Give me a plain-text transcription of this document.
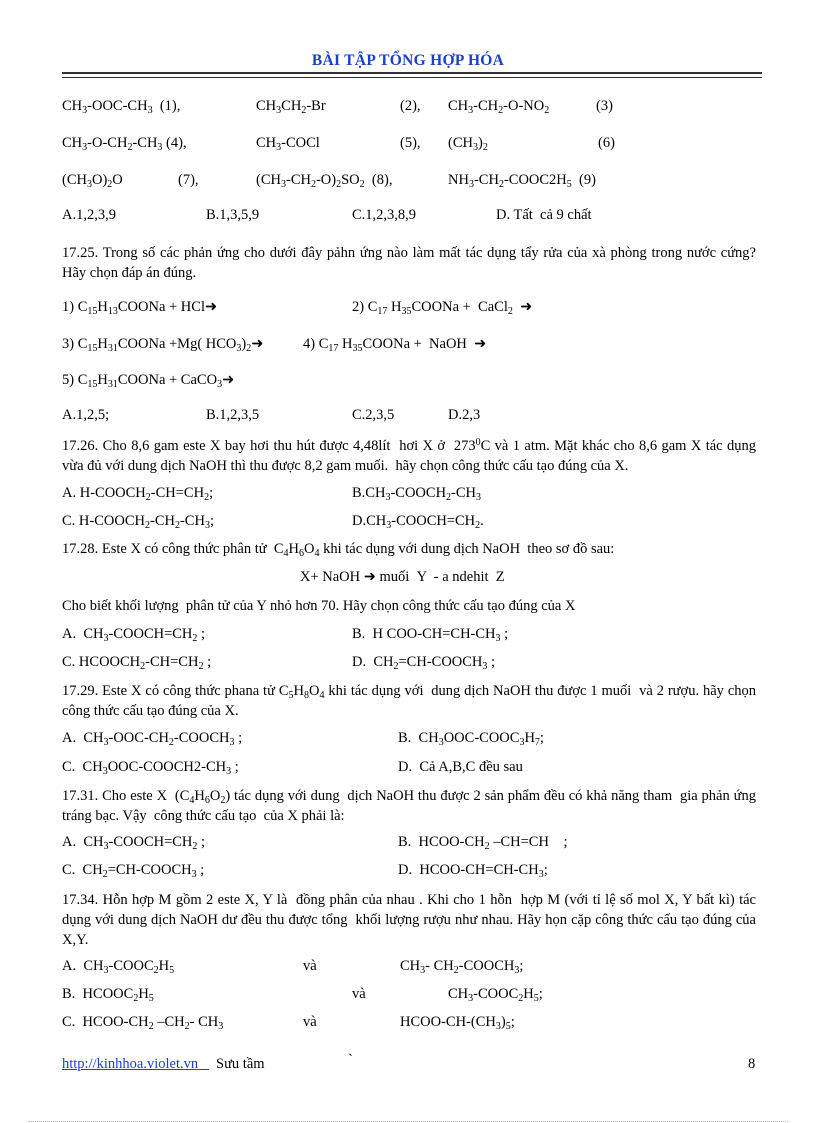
BÀI TẬP TỔNG HỢP HÓA
$CH_3-OOC-CH_3$  (1),	$CH_3CH_2-Br$	(2), $CH_3-CH_2-O-NO_2$	(3)
$CH_3-O-CH_2-CH_3$ (4),	$CH_3$-COCl	(5), $(CH_3)_2$	(6)
$(CH_3O)_2O$	(7),	$(CH_3-CH_2-O)_2SO_2$  (8),	$NH_3-CH_2-COOC2H_5$  (9)
A.1,2,3,9	B.1,3,5,9	C.1,2,3,8,9	D. Tất  cả 9 chất
17.25. Trong số các phản ứng cho dưới đây pảhn ứng nào làm mất tác dụng tẩy rửa của xà phòng trong nước cứng? Hãy chọn đáp án đúng.
1) $C_{15}H_{13}COONa$ + HCl➜	2) $C_{17}$ $H_{35}COONa$ +  CaCl$_2$  ➜
3) $C_{15}H_{31}COONa +Mg$( $HCO_3)_2➜$	4) $C_{17}$ $H_{35}COONa$ +  NaOH  ➜
5) $C_{15}H_{31}COONa$ + CaCO$_3$➜
A.1,2,5;	B.1,2,3,5	C.2,3,5	D.2,3
17.26. Cho 8,6 gam este X bay hơi thu hút được 4,48lít  hơi X ở  $273^0C$ và 1 atm. Mặt khác cho 8,6 gam X tác dụng vừa đủ với dung dịch NaOH thì thu được 8,2 gam muối.  hãy chọn công thức cấu tạo đúng của X.
A. $H-COOCH_2-CH=CH_2$;	$B.CH_3-COOCH_2-CH_3$
C. $H-COOCH_2-CH_2-CH_3$;	$D.CH_3-COOCH=CH_2$.
17.28. Este X có công thức phân tử  $C_4H_6O_4$ khi tác dụng với dung dịch NaOH  theo sơ đồ sau:
X+ NaOH ➜ muối  Y  - a ndehit  Z
Cho biết khối lượng  phân tử của Y nhỏ hơn 70. Hãy chọn công thức cấu tạo đúng của X
A.  $CH_3-COOCH=CH_2$ ;	B.  H COO-$CH=CH-CH_3$ ;
C. $HCOOCH_2-CH=CH_2$ ;	D.  $CH_2=CH-COOCH_3$ ;
17.29. Este X có công thức phana tử $C_5H_8O_4$ khi tác dụng với  dung dịch NaOH thu được 1 muối  và 2 rượu. hãy chọn công thức cấu tạo đúng của X.
A.  $CH_3-OOC-CH_2-COOCH_3$ ;	B.  $CH_3OOC-COOC_3H_7$;
C.  $CH_3OOC-COOCH2-CH_3$ ;	D.  Cả A,B,C đều sau
17.31. Cho este X  $(C_4H_6O_2)$ tác dụng với dung  dịch NaOH thu được 2 sản phẩm đều có khả năng tham  gia phản ứng tráng bạc. Vậy  công thức cấu tạo  của X phải là:
A.  $CH_3-COOCH=CH_2$ ;	B.  HCOO-$CH_2$ –CH=CH    ;
C.  $CH_2=CH-COOCH_3$ ;	D.  HCOO-$CH=CH-CH_3$;
17.34. Hỗn hợp M gồm 2 este X, Y là  đồng phân của nhau . Khi cho 1 hỗn  hợp M (với tỉ lệ số mol X, Y bất kì) tác dụng với dung dịch NaOH dư đều thu được tổng  khối lượng rượu như nhau. Hãy họn cặp công thức cấu tạo đúng của X,Y.
A.  $CH_3-COOC_2H_5$	và	$CH_3-$ $CH_2-COOCH_3$;
B.  $HCOOC_2H_5$	và	$CH_3-COOC_2H_5$;
C.  HCOO-$CH_2$ $-CH_2-$ $CH_3$	và	HCOO-$CH-(CH_3)_5$;
http://kinhhoa.violet.vn Sưu tầm	`	8
